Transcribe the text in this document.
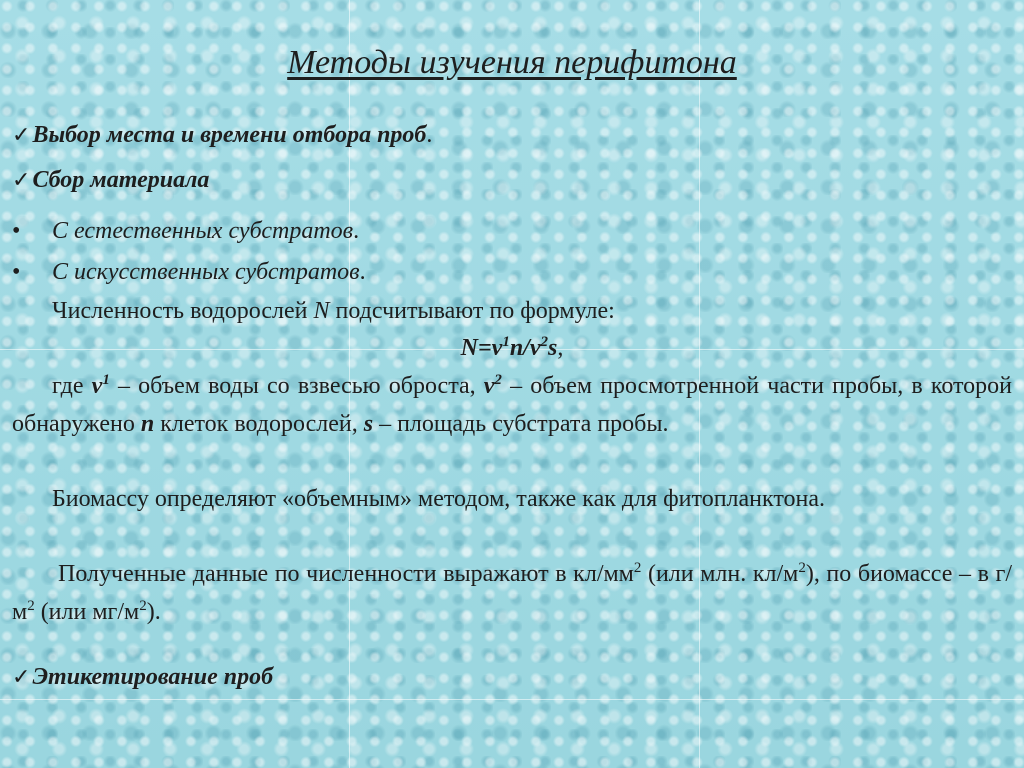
Методы изучения перифитона
✓Выбор места и времени отбора проб.
✓Сбор материала
• С естественных субстратов.
• С искусственных субстратов.
Численность водорослей N подсчитывают по формуле:
$N=v^1n/v^2s$,
где $v^1$ – объем воды со взвесью оброста, $v^2$ – объем просмотренной части пробы, в которой обнаружено n клеток водорослей, s – площадь субстрата пробы.
Биомассу определяют «объемным» методом, также как для фитопланктона.
Полученные данные по численности выражают в $кл/мм^2$ (или млн. $кл/м^2$), по биомассе – в $г/м^2$ (или $мг/м^2$).
✓Этикетирование проб
